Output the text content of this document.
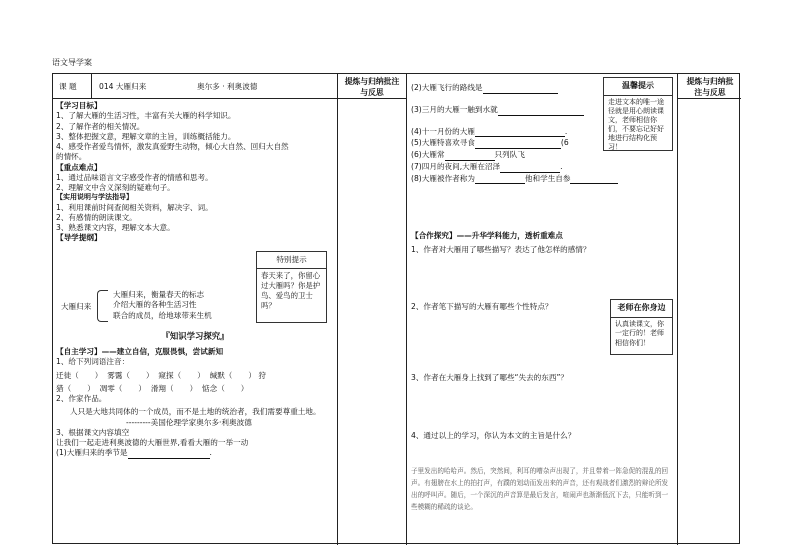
语文导学案
课 题	014 大雁归来	奥尔多 · 利奥波德
提炼与归纳批注与反思
提炼与归纳批注与反思

【学习目标】

1、了解大雁的生活习性，丰富有关大雁的科学知识。

2、了解作者的相关情况。

3、整体把握文意，理解文章的主旨，训练概括能力。

4、感受作者爱鸟情怀，激发真爱野生动物，倾心大自然、回归大自然

的情怀。

【重点难点】

1、通过品味语言文字感受作者的情感和思考。

2、理解文中含义深刻的疑难句子。

【实用说明与学法指导】

1、利用课前时间查阅相关资料，解决字、词。

2、有感情的朗读课文。

3、熟悉课文内容，理解文本大意。

【导学提纲】

大雁归来

大雁归来，衡量春天的标志

介绍大雁的各种生活习性

联合的成员，给地球带来生机

特别提示
春天来了，你留心过大雁吗？你是护鸟、爱鸟的卫士吗？
『知识学习探究』

【自主学习】——建立自信，克服畏惧，尝试新知

1、给下列词语注音：

迁徙（ ） 雾霭（ ） 窥探（ ） 缄默（ ） 狩

猎（ ） 凋零（ ） 滑翔（ ） 惦念（ ）

2、作家作品。

人只是大地共同体的一个成员，而不是土地的统治者，我们需要尊重土地。

---------美国伦理学家奥尔多·利奥波德

3、根据课文内容填空

让我们一起走进利奥波德的大雁世界,看看大雁的一举一动

(1)大雁归来的季节是	.

(2)大雁飞行的路线是

(3)三月的大雁一触到水就

(4)十一月份的大雁	.

(5)大雁特喜欢寻食	(6

(6)大雁常	只列队飞

(7)四月的夜间,大雁在沼泽	.

(8)大雁被作者称为	他和学生自参

温馨提示
走进文本的唯一途径就是用心朗读课文，老师相信你们，不要忘记好好地进行结构化预习！

【合作探究】——升华学科能力，透析重难点

1、作者对大雁用了哪些描写？表达了他怎样的感情？

2、作者笔下描写的大雁有哪些个性特点？	老师在你身边
认真读课文，你一定行的！老师相信你们！
3、作者在大雁身上找到了哪些“失去的东西”？
4、通过以上的学习，你认为本文的主旨是什么？
子里发出的哈哈声。然后，突然间，利耳的嘈杂声出现了，并且带着一阵急促的混乱的回声。有翅膀在水上的拍打声，有蹼的划动而发出来的声音，还有观战者们激烈的辩论所发出的呼叫声。随后，一个深沉的声音算是最后发言，喧闹声也渐渐低沉下去，只能听到一些模糊的稀疏的谈论。
